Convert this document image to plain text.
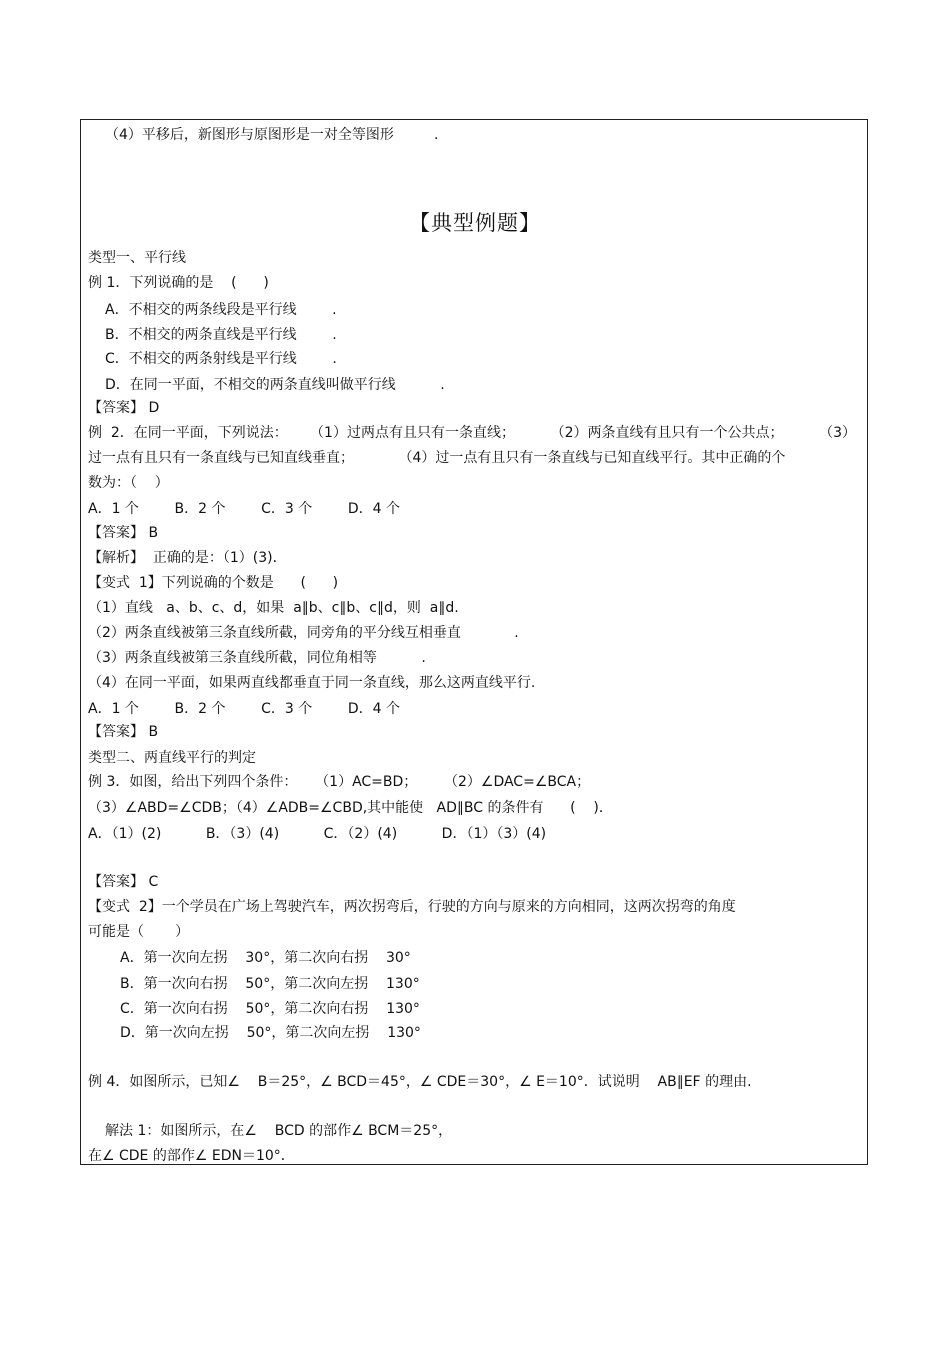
（4）平移后，新图形与原图形是一对全等图形         .
【典型例题】
类型一、平行线
例 1．下列说确的是    (      )
A．不相交的两条线段是平行线        .
B．不相交的两条直线是平行线        .
C．不相交的两条射线是平行线        .
D．在同一平面，不相交的两条直线叫做平行线          .
【答案】 D
例  2．在同一平面，下列说法：     （1）过两点有且只有一条直线；        （2）两条直线有且只有一个公共点；        （3）
过一点有且只有一条直线与已知直线垂直；          （4）过一点有且只有一条直线与已知直线平行。其中正确的个
数为：（    ）
A．1 个        B．2 个        C．3 个        D．4 个
【答案】 B
【解析】  正确的是：（1）(3)．
【变式  1】下列说确的个数是      (      )
（1）直线   a、b、c、d，如果  a∥b、c∥b、c∥d，则  a∥d.
（2）两条直线被第三条直线所截，同旁角的平分线互相垂直            .
（3）两条直线被第三条直线所截，同位角相等          .
（4）在同一平面，如果两直线都垂直于同一条直线，那么这两直线平行.
A．1 个        B．2 个        C．3 个        D．4 个
【答案】 B
类型二、两直线平行的判定
例 3．如图，给出下列四个条件：    （1）AC=BD；      （2）∠DAC=∠BCA；
（3）∠ABD=∠CDB；（4）∠ADB=∠CBD,其中能使   AD∥BC 的条件有      (    )．
A．（1）(2)          B．（3）(4)          C．（2）(4)          D．（1）（3）(4)
【答案】 C
【变式  2】一个学员在广场上驾驶汽车，两次拐弯后，行驶的方向与原来的方向相同，这两次拐弯的角度
可能是（       ）
A．第一次向左拐    30°，第二次向右拐    30°
B．第一次向右拐    50°，第二次向左拐    130°
C．第一次向右拐    50°，第二次向右拐    130°
D．第一次向左拐    50°，第二次向左拐    130°
例 4．如图所示，已知∠    B＝25°，∠ BCD＝45°，∠ CDE＝30°，∠ E＝10°．试说明    AB∥EF 的理由.
解法 1：如图所示，在∠    BCD 的部作∠ BCM＝25°，
在∠ CDE 的部作∠ EDN＝10°．
